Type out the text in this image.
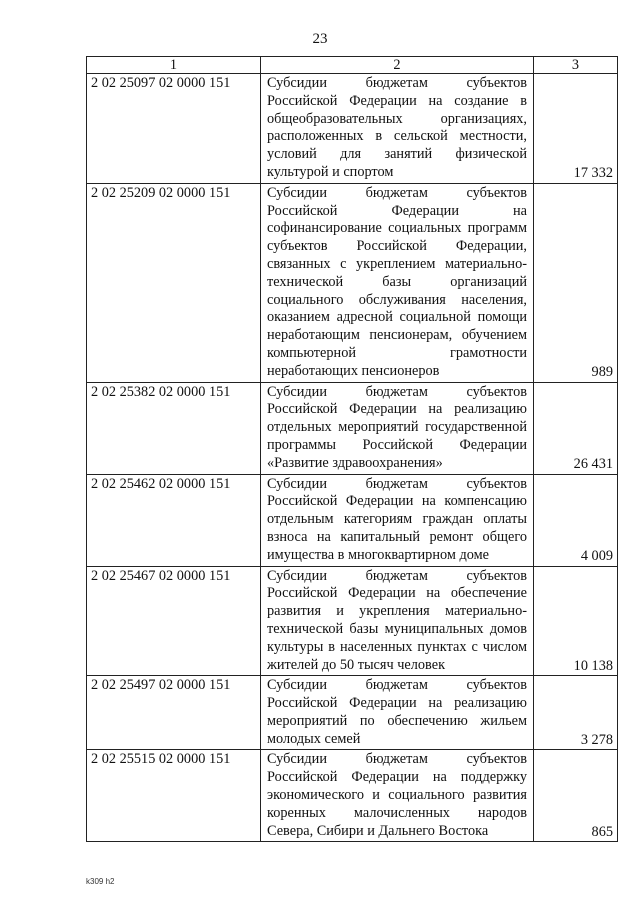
23
1	2	3
2 02 25097 02 0000 151	Субсидии бюджетам субъектов Российской Федерации на создание в общеобразовательных организациях, расположенных в сельской местности, условий для занятий физической культурой и спортом	17 332
2 02 25209 02 0000 151	Субсидии бюджетам субъектов Российской Федерации на софинансирование социальных программ субъектов Российской Федерации, связанных с укреплением материально-технической базы организаций социального обслуживания населения, оказанием адресной социальной помощи неработающим пенсионерам, обучением компьютерной грамотности неработающих пенсионеров	989
2 02 25382 02 0000 151	Субсидии бюджетам субъектов Российской Федерации на реализацию отдельных мероприятий государственной программы Российской Федерации «Развитие здравоохранения»	26 431
2 02 25462 02 0000 151	Субсидии бюджетам субъектов Российской Федерации на компенсацию отдельным категориям граждан оплаты взноса на капитальный ремонт общего имущества в многоквартирном доме	4 009
2 02 25467 02 0000 151	Субсидии бюджетам субъектов Российской Федерации на обеспечение развития и укрепления материально-технической базы муниципальных домов культуры в населенных пунктах с числом жителей до 50 тысяч человек	10 138
2 02 25497 02 0000 151	Субсидии бюджетам субъектов Российской Федерации на реализацию мероприятий по обеспечению жильем молодых семей	3 278
2 02 25515 02 0000 151	Субсидии бюджетам субъектов Российской Федерации на поддержку экономического и социального развития коренных малочисленных народов Севера, Сибири и Дальнего Востока	865
k309 h2
